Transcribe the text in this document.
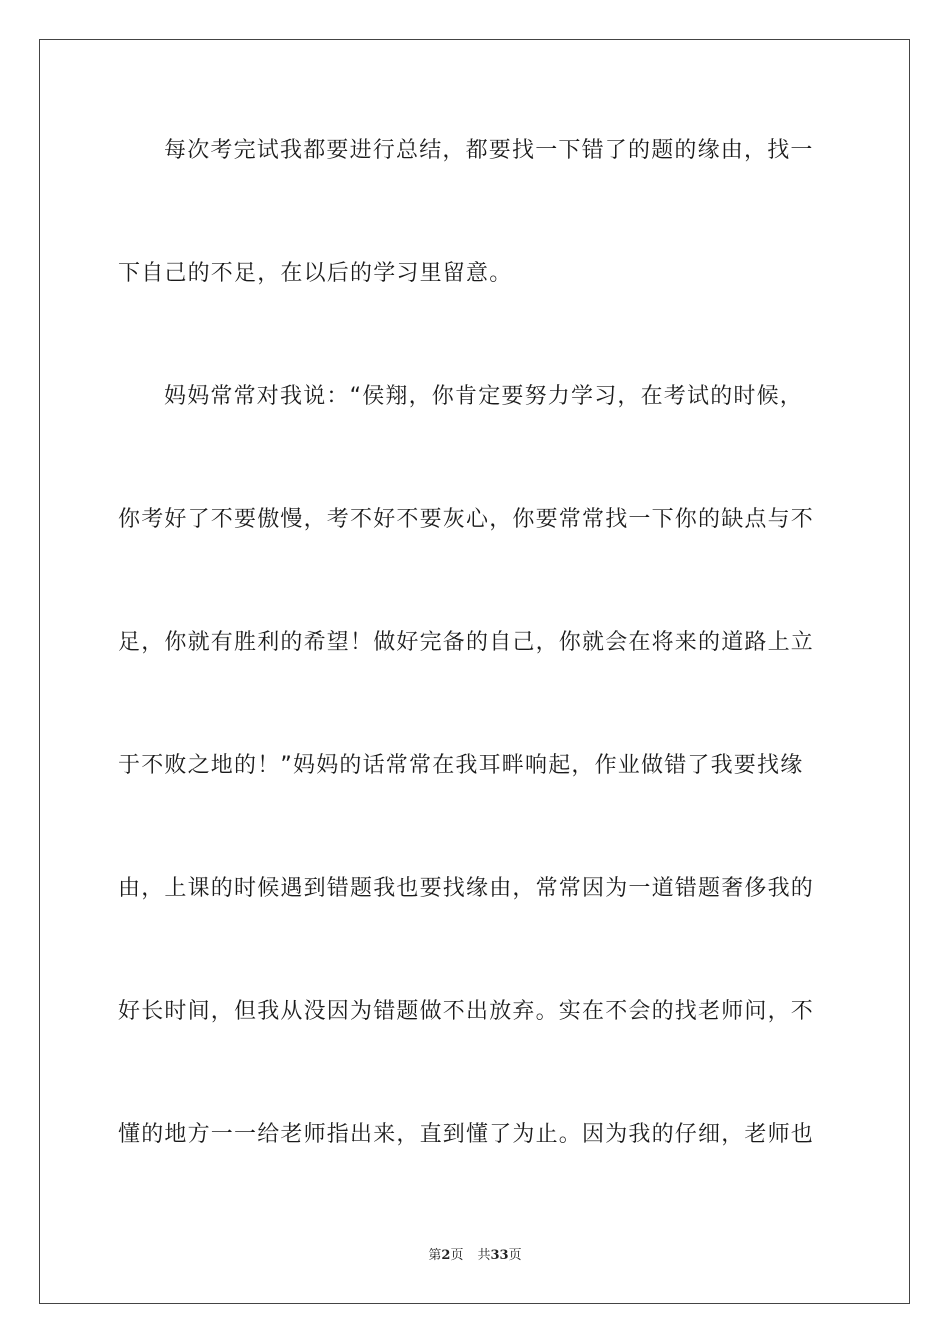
每次考完试我都要进行总结，都要找一下错了的题的缘由，找一
下自己的不足，在以后的学习里留意。
妈妈常常对我说：“侯翔，你肯定要努力学习，在考试的时候，
你考好了不要傲慢，考不好不要灰心，你要常常找一下你的缺点与不
足，你就有胜利的希望！做好完备的自己，你就会在将来的道路上立
于不败之地的！”妈妈的话常常在我耳畔响起，作业做错了我要找缘
由，上课的时候遇到错题我也要找缘由，常常因为一道错题奢侈我的
好长时间，但我从没因为错题做不出放弃。实在不会的找老师问，不
懂的地方一一给老师指出来，直到懂了为止。因为我的仔细，老师也
第2页 共33页
